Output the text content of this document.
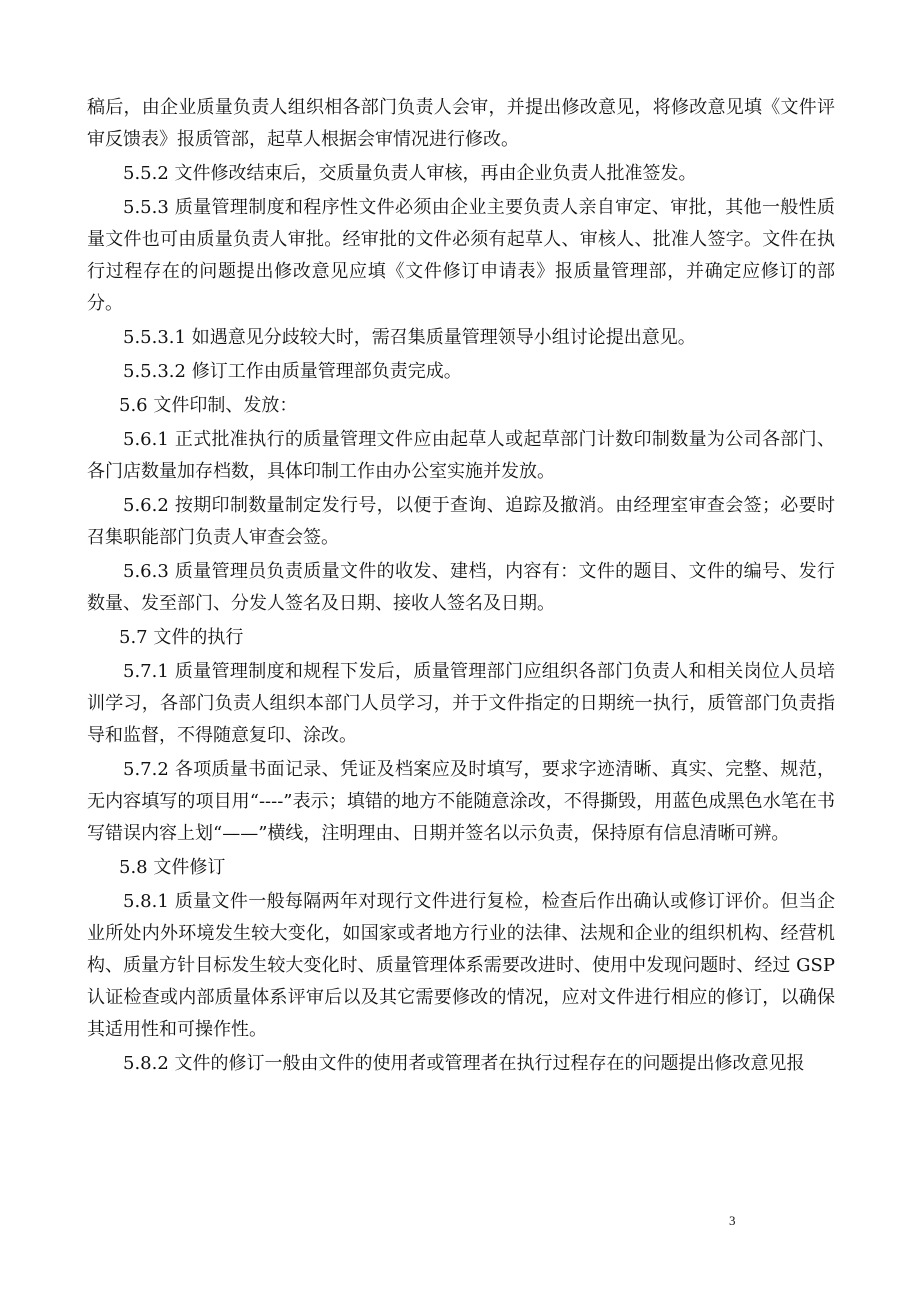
稿后，由企业质量负责人组织相各部门负责人会审，并提出修改意见，将修改意见填《文件评审反馈表》报质管部，起草人根据会审情况进行修改。

5.5.2 文件修改结束后，交质量负责人审核，再由企业负责人批准签发。

5.5.3 质量管理制度和程序性文件必须由企业主要负责人亲自审定、审批，其他一般性质量文件也可由质量负责人审批。经审批的文件必须有起草人、审核人、批准人签字。文件在执行过程存在的问题提出修改意见应填《文件修订申请表》报质量管理部，并确定应修订的部分。

5.5.3.1 如遇意见分歧较大时，需召集质量管理领导小组讨论提出意见。

5.5.3.2 修订工作由质量管理部负责完成。

5.6 文件印制、发放：

5.6.1 正式批准执行的质量管理文件应由起草人或起草部门计数印制数量为公司各部门、各门店数量加存档数，具体印制工作由办公室实施并发放。

5.6.2 按期印制数量制定发行号，以便于查询、追踪及撤消。由经理室审查会签；必要时召集职能部门负责人审查会签。

5.6.3 质量管理员负责质量文件的收发、建档，内容有：文件的题目、文件的编号、发行数量、发至部门、分发人签名及日期、接收人签名及日期。

5.7 文件的执行

5.7.1 质量管理制度和规程下发后，质量管理部门应组织各部门负责人和相关岗位人员培训学习，各部门负责人组织本部门人员学习，并于文件指定的日期统一执行，质管部门负责指导和监督，不得随意复印、涂改。

5.7.2 各项质量书面记录、凭证及档案应及时填写，要求字迹清晰、真实、完整、规范，无内容填写的项目用“----”表示；填错的地方不能随意涂改，不得撕毁，用蓝色成黑色水笔在书写错误内容上划“——”横线，注明理由、日期并签名以示负责，保持原有信息清晰可辨。

5.8 文件修订

5.8.1 质量文件一般每隔两年对现行文件进行复检，检查后作出确认或修订评价。但当企业所处内外环境发生较大变化，如国家或者地方行业的法律、法规和企业的组织机构、经营机构、质量方针目标发生较大变化时、质量管理体系需要改进时、使用中发现问题时、经过 GSP 认证检查或内部质量体系评审后以及其它需要修改的情况，应对文件进行相应的修订，以确保其适用性和可操作性。

5.8.2 文件的修订一般由文件的使用者或管理者在执行过程存在的问题提出修改意见报

3
